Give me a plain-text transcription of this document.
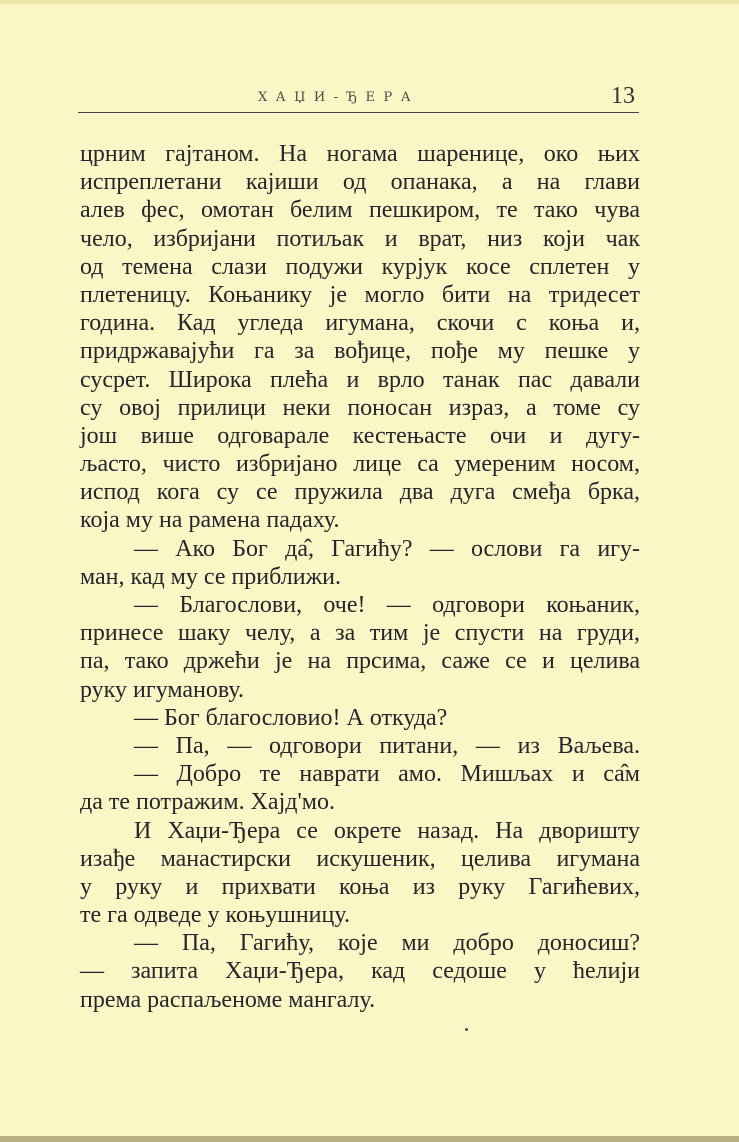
ХАЏИ-ЂЕРА	13
црним гајтаном. На ногама шаренице, око њих
испреплетани кајиши од опанака, а на глави
алев фес, омотан белим пешкиром, те тако чува
чело, избријани потиљак и врат, низ који чак
од темена слази подужи курјук косе сплетен у
плетеницу. Коњанику је могло бити на тридесет
година. Кад угледа игумана, скочи с коња и,
придржавајући га за вођице, пође му пешке у
сусрет. Широка плећа и врло танак пас давали
су овој прилици неки поносан израз, а томе су
још више одговарале кестењасте очи и дугу-
љасто, чисто избријано лице са умереним носом,
испод кога су се пружила два дуга смеђа брка,
која му на рамена падаху.
— Ако Бог да̂, Гагићу? — ослови га игу-
ман, кад му се приближи.
— Благослови, оче! — одговори коњаник,
принесе шаку челу, а за тим је спусти на груди,
па, тако држећи је на прсима, саже се и целива
руку игуманову.
— Бог благословио! А откуда?
— Па, — одговори питани, — из Ваљева.
— Добро те наврати амо. Мишљах и са̂м
да те потражим. Хајд'мо.
И Хаџи-Ђера се окрете назад. На дворишту
изађе манастирски искушеник, целива игумана
у руку и прихвати коња из руку Гагићевих,
те га одведе у коњушницу.
— Па, Гагићу, које ми добро доносиш?
— запита Хаџи-Ђера, кад седоше у ћелији
према распаљеноме мангалу.
